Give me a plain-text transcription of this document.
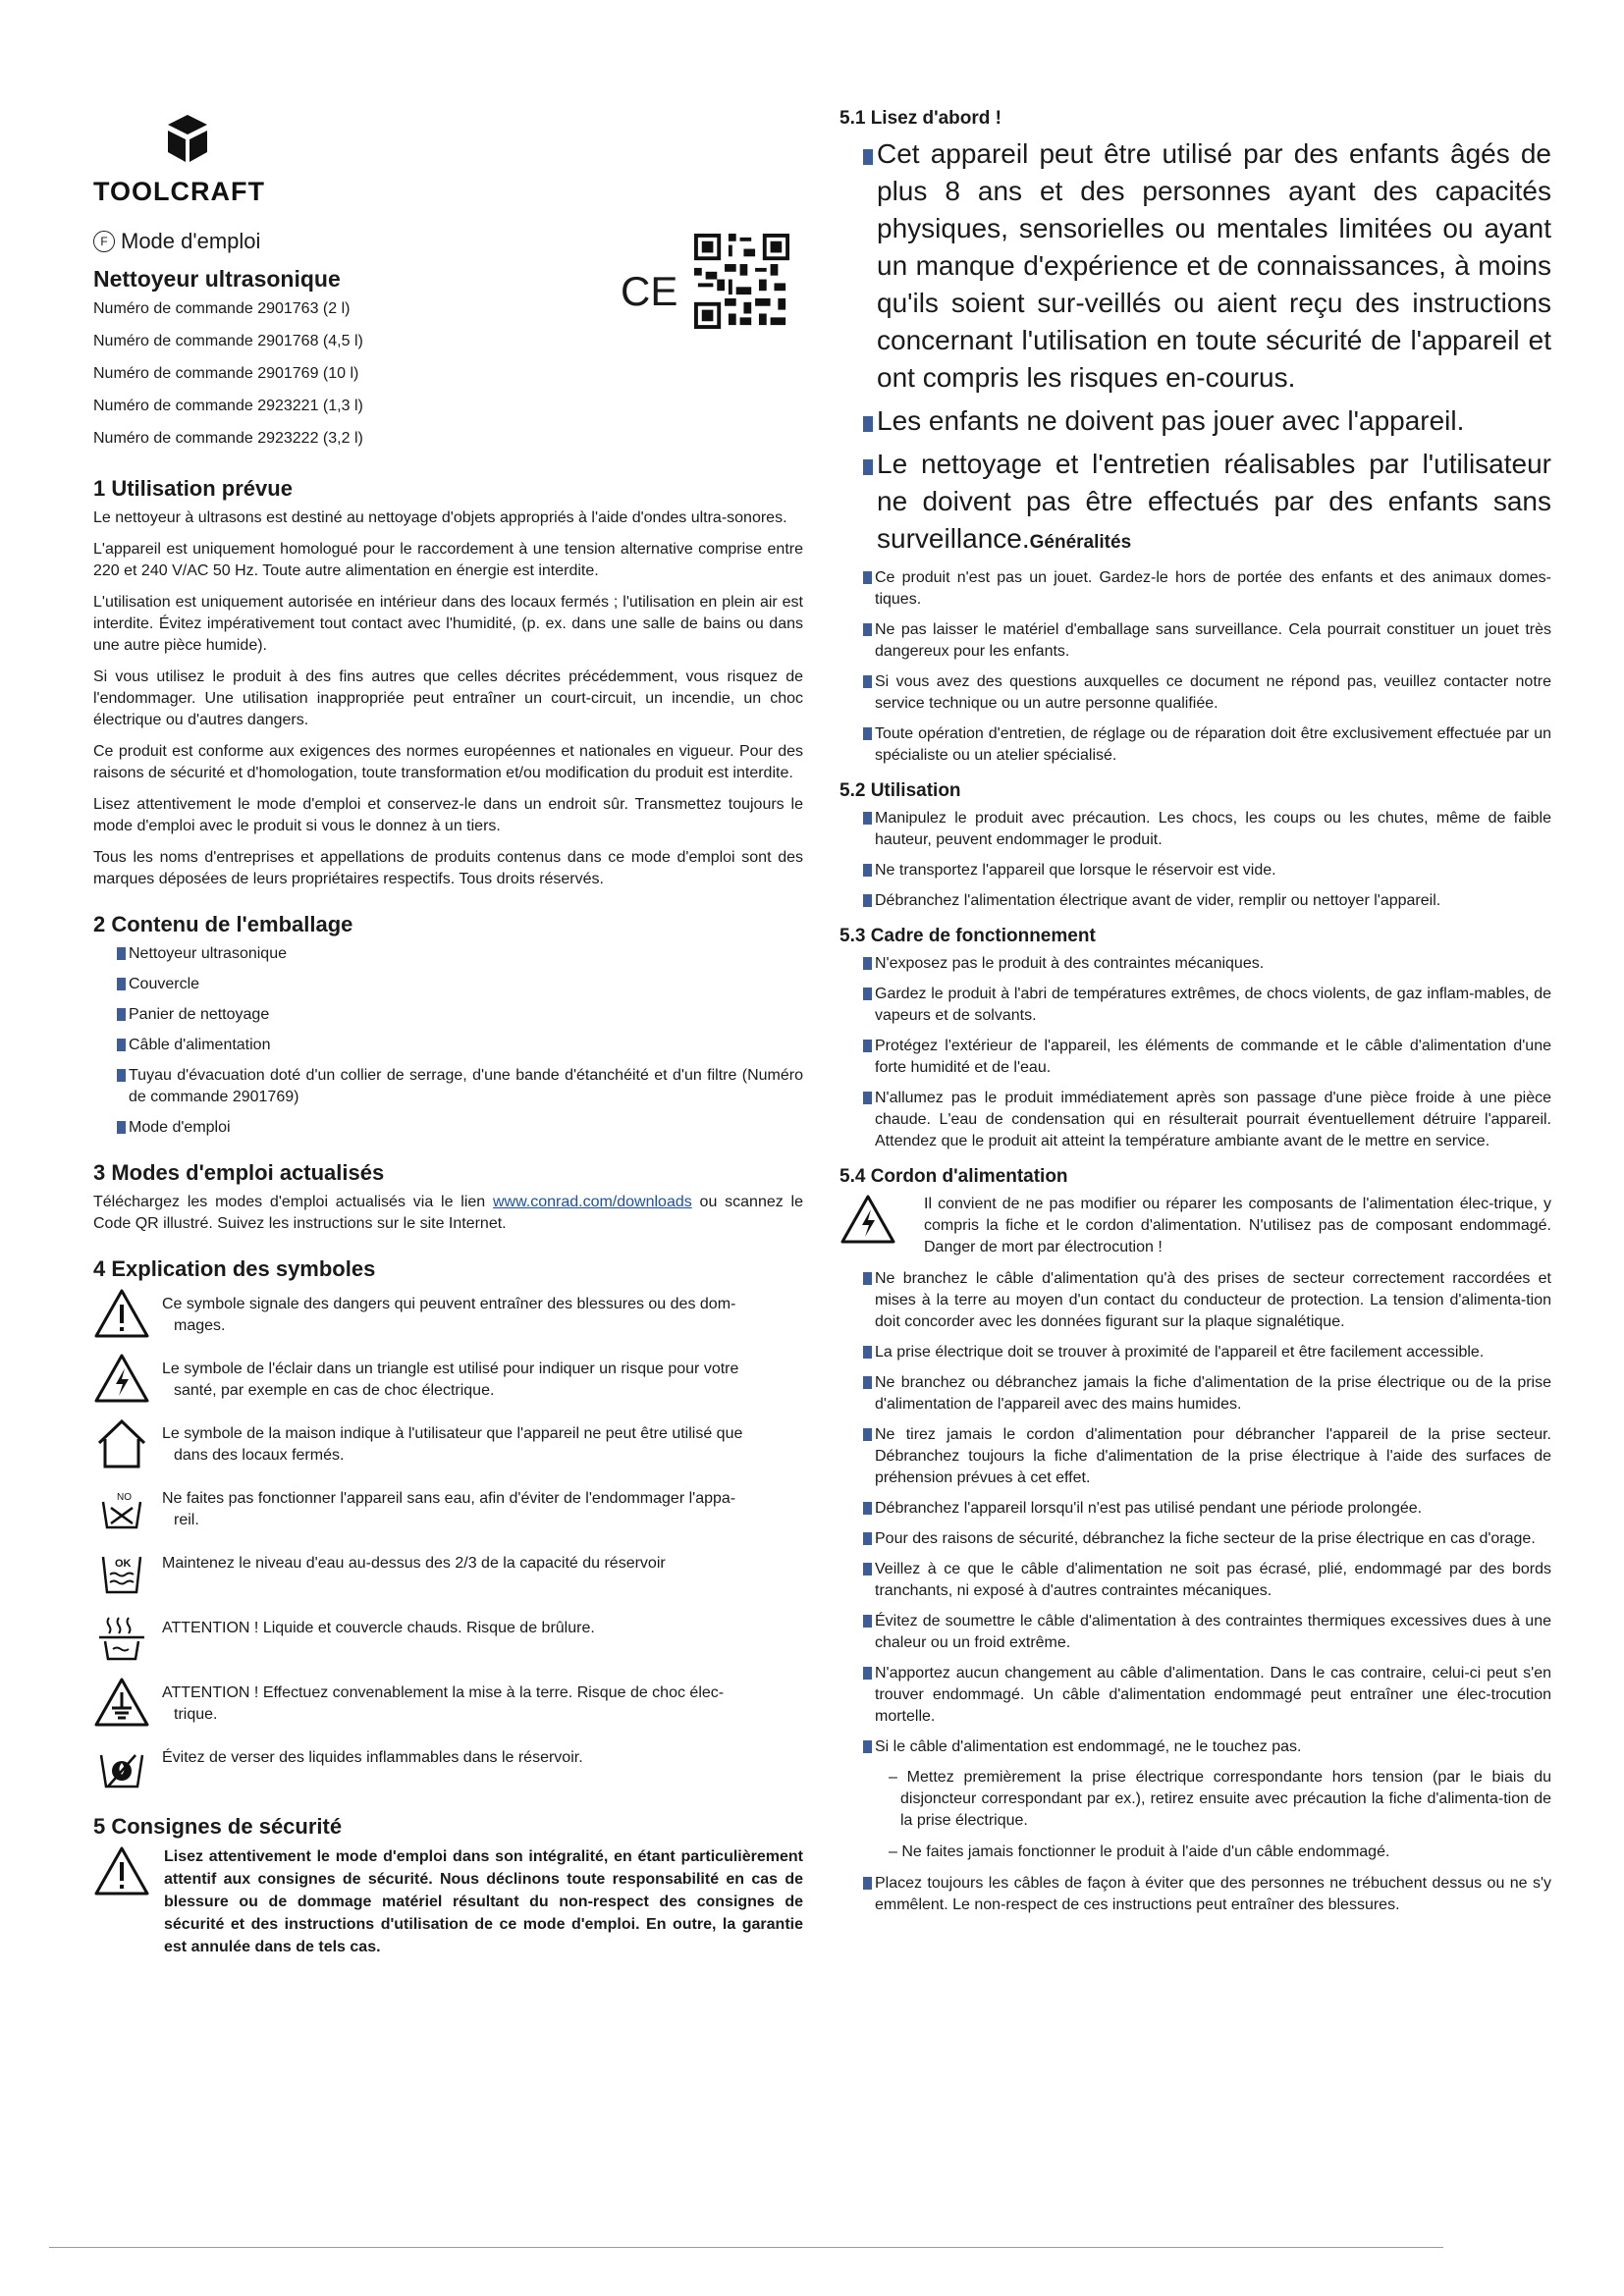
TOOLCRAFT
F Mode d'emploi
Nettoyeur ultrasonique
Numéro de commande 2901763 (2 l)
Numéro de commande 2901768 (4,5 l)
Numéro de commande 2901769 (10 l)
Numéro de commande 2923221 (1,3 l)
Numéro de commande 2923222 (3,2 l)
CE
1 Utilisation prévue

Le nettoyeur à ultrasons est destiné au nettoyage d'objets appropriés à l'aide d'ondes ultra-sonores.

L'appareil est uniquement homologué pour le raccordement à une tension alternative comprise entre 220 et 240 V/AC 50 Hz. Toute autre alimentation en énergie est interdite.

L'utilisation est uniquement autorisée en intérieur dans des locaux fermés ; l'utilisation en plein air est interdite. Évitez impérativement tout contact avec l'humidité, (p. ex. dans une salle de bains ou dans une autre pièce humide).

Si vous utilisez le produit à des fins autres que celles décrites précédemment, vous risquez de l'endommager. Une utilisation inappropriée peut entraîner un court-circuit, un incendie, un choc électrique ou d'autres dangers.

Ce produit est conforme aux exigences des normes européennes et nationales en vigueur. Pour des raisons de sécurité et d'homologation, toute transformation et/ou modification du produit est interdite.

Lisez attentivement le mode d'emploi et conservez-le dans un endroit sûr. Transmettez toujours le mode d'emploi avec le produit si vous le donnez à un tiers.

Tous les noms d'entreprises et appellations de produits contenus dans ce mode d'emploi sont des marques déposées de leurs propriétaires respectifs. Tous droits réservés.

2 Contenu de l'emballage
Nettoyeur ultrasonique
Couvercle
Panier de nettoyage
Câble d'alimentation
Tuyau d'évacuation doté d'un collier de serrage, d'une bande d'étanchéité et d'un filtre (Numéro de commande 2901769)
Mode d'emploi
3 Modes d'emploi actualisés

Téléchargez les modes d'emploi actualisés via le lien www.conrad.com/downloads ou scannez le Code QR illustré. Suivez les instructions sur le site Internet.

4 Explication des symboles
Ce symbole signale des dangers qui peuvent entraîner des blessures ou des dom-
mages.
Le symbole de l'éclair dans un triangle est utilisé pour indiquer un risque pour votre
santé, par exemple en cas de choc électrique.
Le symbole de la maison indique à l'utilisateur que l'appareil ne peut être utilisé que
dans des locaux fermés.
NO Ne faites pas fonctionner l'appareil sans eau, afin d'éviter de l'endommager l'appa-
reil.
OK Maintenez le niveau d'eau au-dessus des 2/3 de la capacité du réservoir
ATTENTION ! Liquide et couvercle chauds. Risque de brûlure.
ATTENTION ! Effectuez convenablement la mise à la terre. Risque de choc élec-
trique.
Évitez de verser des liquides inflammables dans le réservoir.
5 Consignes de sécurité
Lisez attentivement le mode d'emploi dans son intégralité, en étant particulièrement attentif aux consignes de sécurité. Nous déclinons toute responsabilité en cas de blessure ou de dommage matériel résultant du non-respect des consignes de sécurité et des instructions d'utilisation de ce mode d'emploi. En outre, la garantie est annulée dans de tels cas.
5.1 Lisez d'abord !
Cet appareil peut être utilisé par des enfants âgés de plus 8 ans et des personnes ayant des capacités physiques, sensorielles ou mentales limitées ou ayant un manque d'expérience et de connaissances, à moins qu'ils soient sur-veillés ou aient reçu des instructions concernant l'utilisation en toute sécurité de l'appareil et ont compris les risques en-courus.
Les enfants ne doivent pas jouer avec l'appareil.
Le nettoyage et l'entretien réalisables par l'utilisateur ne doivent pas être effectués par des enfants sans surveillance.Généralités
Ce produit n'est pas un jouet. Gardez-le hors de portée des enfants et des animaux domes-tiques.
Ne pas laisser le matériel d'emballage sans surveillance. Cela pourrait constituer un jouet très dangereux pour les enfants.
Si vous avez des questions auxquelles ce document ne répond pas, veuillez contacter notre service technique ou un autre personne qualifiée.
Toute opération d'entretien, de réglage ou de réparation doit être exclusivement effectuée par un spécialiste ou un atelier spécialisé.
5.2 Utilisation
Manipulez le produit avec précaution. Les chocs, les coups ou les chutes, même de faible hauteur, peuvent endommager le produit.
Ne transportez l'appareil que lorsque le réservoir est vide.
Débranchez l'alimentation électrique avant de vider, remplir ou nettoyer l'appareil.
5.3 Cadre de fonctionnement
N'exposez pas le produit à des contraintes mécaniques.
Gardez le produit à l'abri de températures extrêmes, de chocs violents, de gaz inflam-mables, de vapeurs et de solvants.
Protégez l'extérieur de l'appareil, les éléments de commande et le câble d'alimentation d'une forte humidité et de l'eau.
N'allumez pas le produit immédiatement après son passage d'une pièce froide à une pièce chaude. L'eau de condensation qui en résulterait pourrait éventuellement détruire l'appareil. Attendez que le produit ait atteint la température ambiante avant de le mettre en service.
5.4 Cordon d'alimentation

Il convient de ne pas modifier ou réparer les composants de l'alimentation élec-trique, y compris la fiche et le cordon d'alimentation. N'utilisez pas de composant endommagé. Danger de mort par électrocution !

Ne branchez le câble d'alimentation qu'à des prises de secteur correctement raccordées et mises à la terre au moyen d'un contact du conducteur de protection. La tension d'alimenta-tion doit concorder avec les données figurant sur la plaque signalétique.
La prise électrique doit se trouver à proximité de l'appareil et être facilement accessible.
Ne branchez ou débranchez jamais la fiche d'alimentation de la prise électrique ou de la prise d'alimentation de l'appareil avec des mains humides.
Ne tirez jamais le cordon d'alimentation pour débrancher l'appareil de la prise secteur. Débranchez toujours la fiche d'alimentation de la prise électrique à l'aide des surfaces de préhension prévues à cet effet.
Débranchez l'appareil lorsqu'il n'est pas utilisé pendant une période prolongée.
Pour des raisons de sécurité, débranchez la fiche secteur de la prise électrique en cas d'orage.
Veillez à ce que le câble d'alimentation ne soit pas écrasé, plié, endommagé par des bords tranchants, ni exposé à d'autres contraintes mécaniques.
Évitez de soumettre le câble d'alimentation à des contraintes thermiques excessives dues à une chaleur ou un froid extrême.
N'apportez aucun changement au câble d'alimentation. Dans le cas contraire, celui-ci peut s'en trouver endommagé. Un câble d'alimentation endommagé peut entraîner une élec-trocution mortelle.
Si le câble d'alimentation est endommagé, ne le touchez pas.
– Mettez premièrement la prise électrique correspondante hors tension (par le biais du disjoncteur correspondant par ex.), retirez ensuite avec précaution la fiche d'alimenta-tion de la prise électrique.
– Ne faites jamais fonctionner le produit à l'aide d'un câble endommagé.
Placez toujours les câbles de façon à éviter que des personnes ne trébuchent dessus ou ne s'y emmêlent. Le non-respect de ces instructions peut entraîner des blessures.
